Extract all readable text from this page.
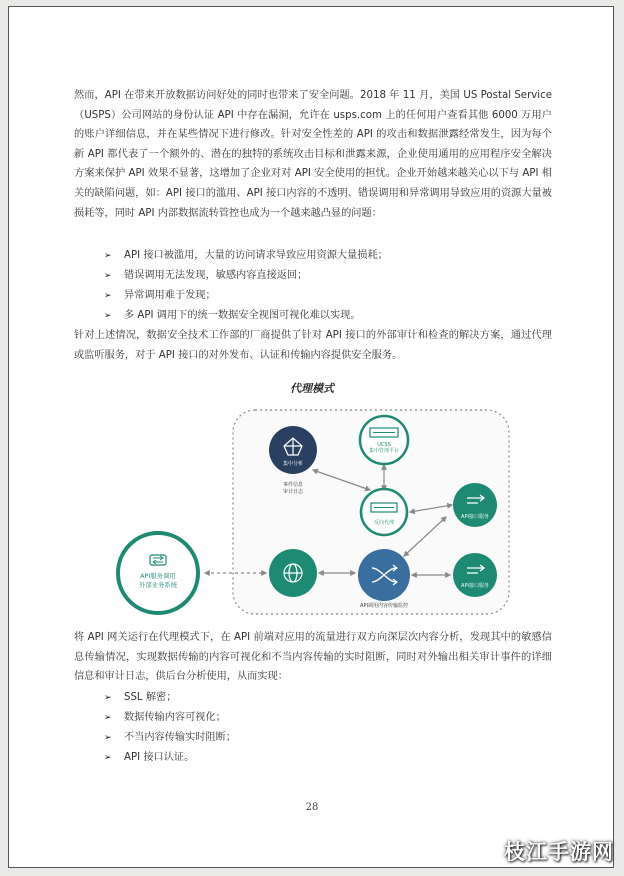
然而，API 在带来开放数据访问好处的同时也带来了安全问题。2018 年 11 月，美国 US Postal Service（USPS）公司网站的身份认证 API 中存在漏洞，允许在 usps.com 上的任何用户查看其他 6000 万用户的账户详细信息，并在某些情况下进行修改。针对安全性差的 API 的攻击和数据泄露经常发生，因为每个新 API 都代表了一个额外的、潜在的独特的系统攻击目标和泄露来源，企业使用通用的应用程序安全解决方案来保护 API 效果不显著，这增加了企业对对 API 安全使用的担忧。企业开始越来越关心以下与 API 相关的缺陷问题，如：API 接口的滥用、API 接口内容的不透明、错误调用和异常调用导致应用的资源大量被损耗等，同时 API 内部数据流转管控也成为一个越来越凸显的问题：
➢ API 接口被滥用，大量的访问请求导致应用资源大量损耗；
➢ 错误调用无法发现，敏感内容直接返回；
➢ 异常调用难于发现；
➢ 多 API 调用下的统一数据安全视图可视化难以实现。
针对上述情况，数据安全技术工作部的厂商提供了针对 API 接口的外部审计和检查的解决方案，通过代理或监听服务，对于 API 接口的对外发布、认证和传输内容提供安全服务。
代理模式
集中分析
事件信息审计日志
UCSS 集中管理平台
反向代理
API接口服务
API接口服务
API调用内容传输监控
API服务调用外部业务系统
将 API 网关运行在代理模式下，在 API 前端对应用的流量进行双方向深层次内容分析，发现其中的敏感信息传输情况，实现数据传输的内容可视化和不当内容传输的实时阻断，同时对外输出相关审计事件的详细信息和审计日志，供后台分析使用，从而实现：
➢ SSL 解密；
➢ 数据传输内容可视化；
➢ 不当内容传输实时阻断；
➢ API 接口认证。
28
枝江手游网
